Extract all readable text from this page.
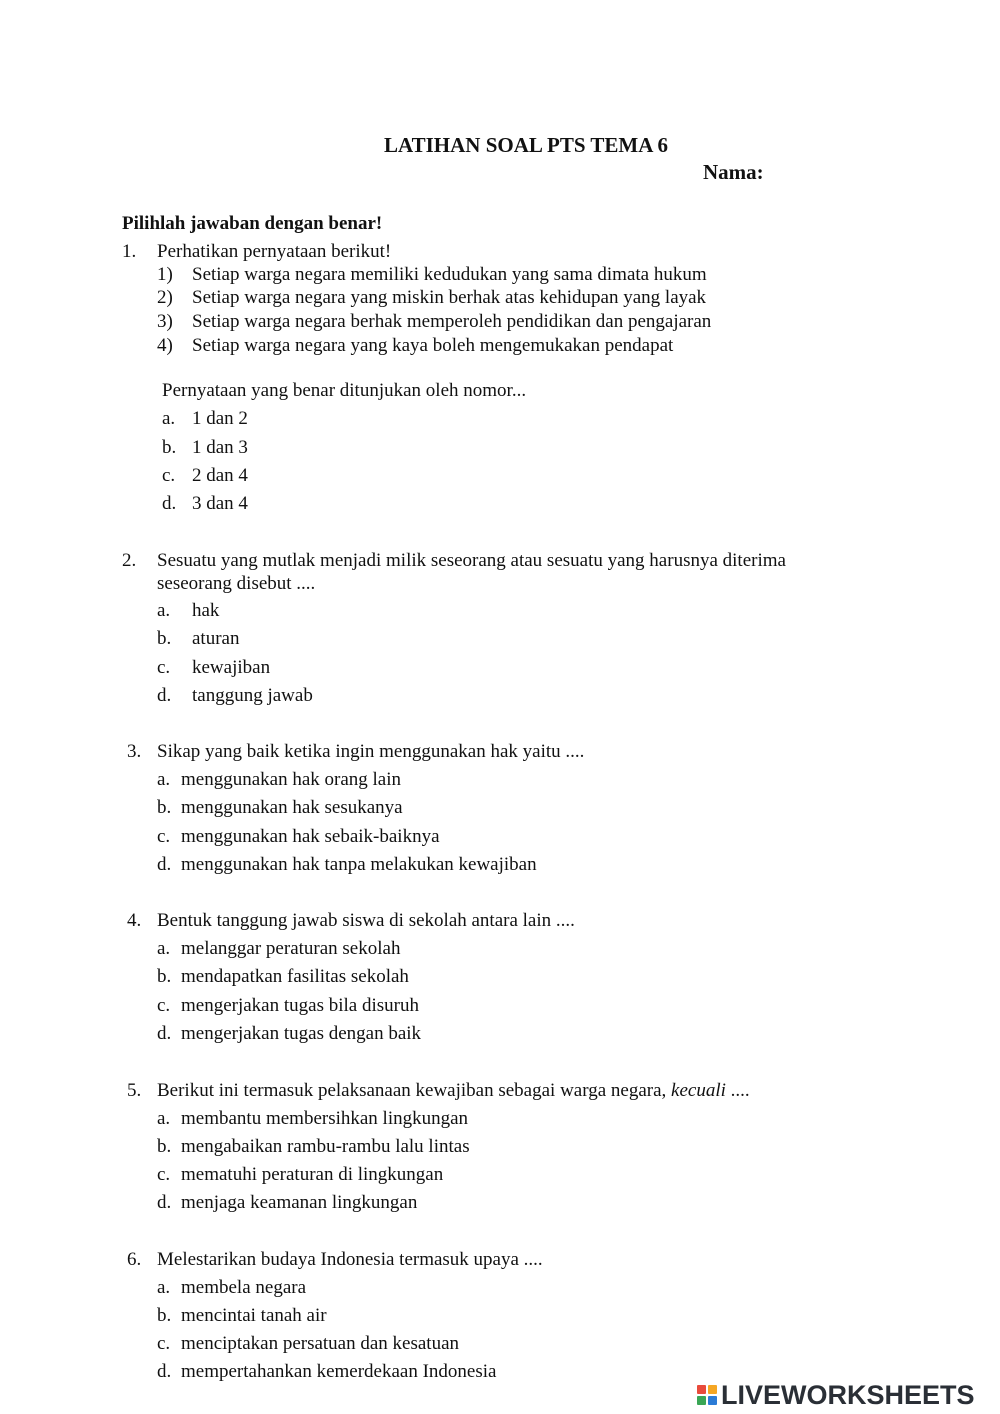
LATIHAN SOAL PTS TEMA 6
Nama:
Pilihlah jawaban dengan benar!
1. Perhatikan pernyataan berikut!
1) Setiap warga negara memiliki kedudukan yang sama dimata hukum
2) Setiap warga negara yang miskin berhak atas kehidupan yang layak
3) Setiap warga negara berhak memperoleh pendidikan dan pengajaran
4) Setiap warga negara yang kaya boleh mengemukakan pendapat
Pernyataan yang benar ditunjukan oleh nomor...
a. 1 dan 2
b. 1 dan 3
c. 2 dan 4
d. 3 dan 4
2. Sesuatu yang mutlak menjadi milik seseorang atau sesuatu yang harusnya diterima
seseorang disebut ....
a. hak
b. aturan
c. kewajiban
d. tanggung jawab
3. Sikap yang baik ketika ingin menggunakan hak yaitu ....
a. menggunakan hak orang lain
b. menggunakan hak sesukanya
c. menggunakan hak sebaik-baiknya
d. menggunakan hak tanpa melakukan kewajiban
4. Bentuk tanggung jawab siswa di sekolah antara lain ....
a. melanggar peraturan sekolah
b. mendapatkan fasilitas sekolah
c. mengerjakan tugas bila disuruh
d. mengerjakan tugas dengan baik
5. Berikut ini termasuk pelaksanaan kewajiban sebagai warga negara, kecuali ....
a. membantu membersihkan lingkungan
b. mengabaikan rambu-rambu lalu lintas
c. mematuhi peraturan di lingkungan
d. menjaga keamanan lingkungan
6. Melestarikan budaya Indonesia termasuk upaya ....
a. membela negara
b. mencintai tanah air
c. menciptakan persatuan dan kesatuan
d. mempertahankan kemerdekaan Indonesia
LIVEWORKSHEETS
